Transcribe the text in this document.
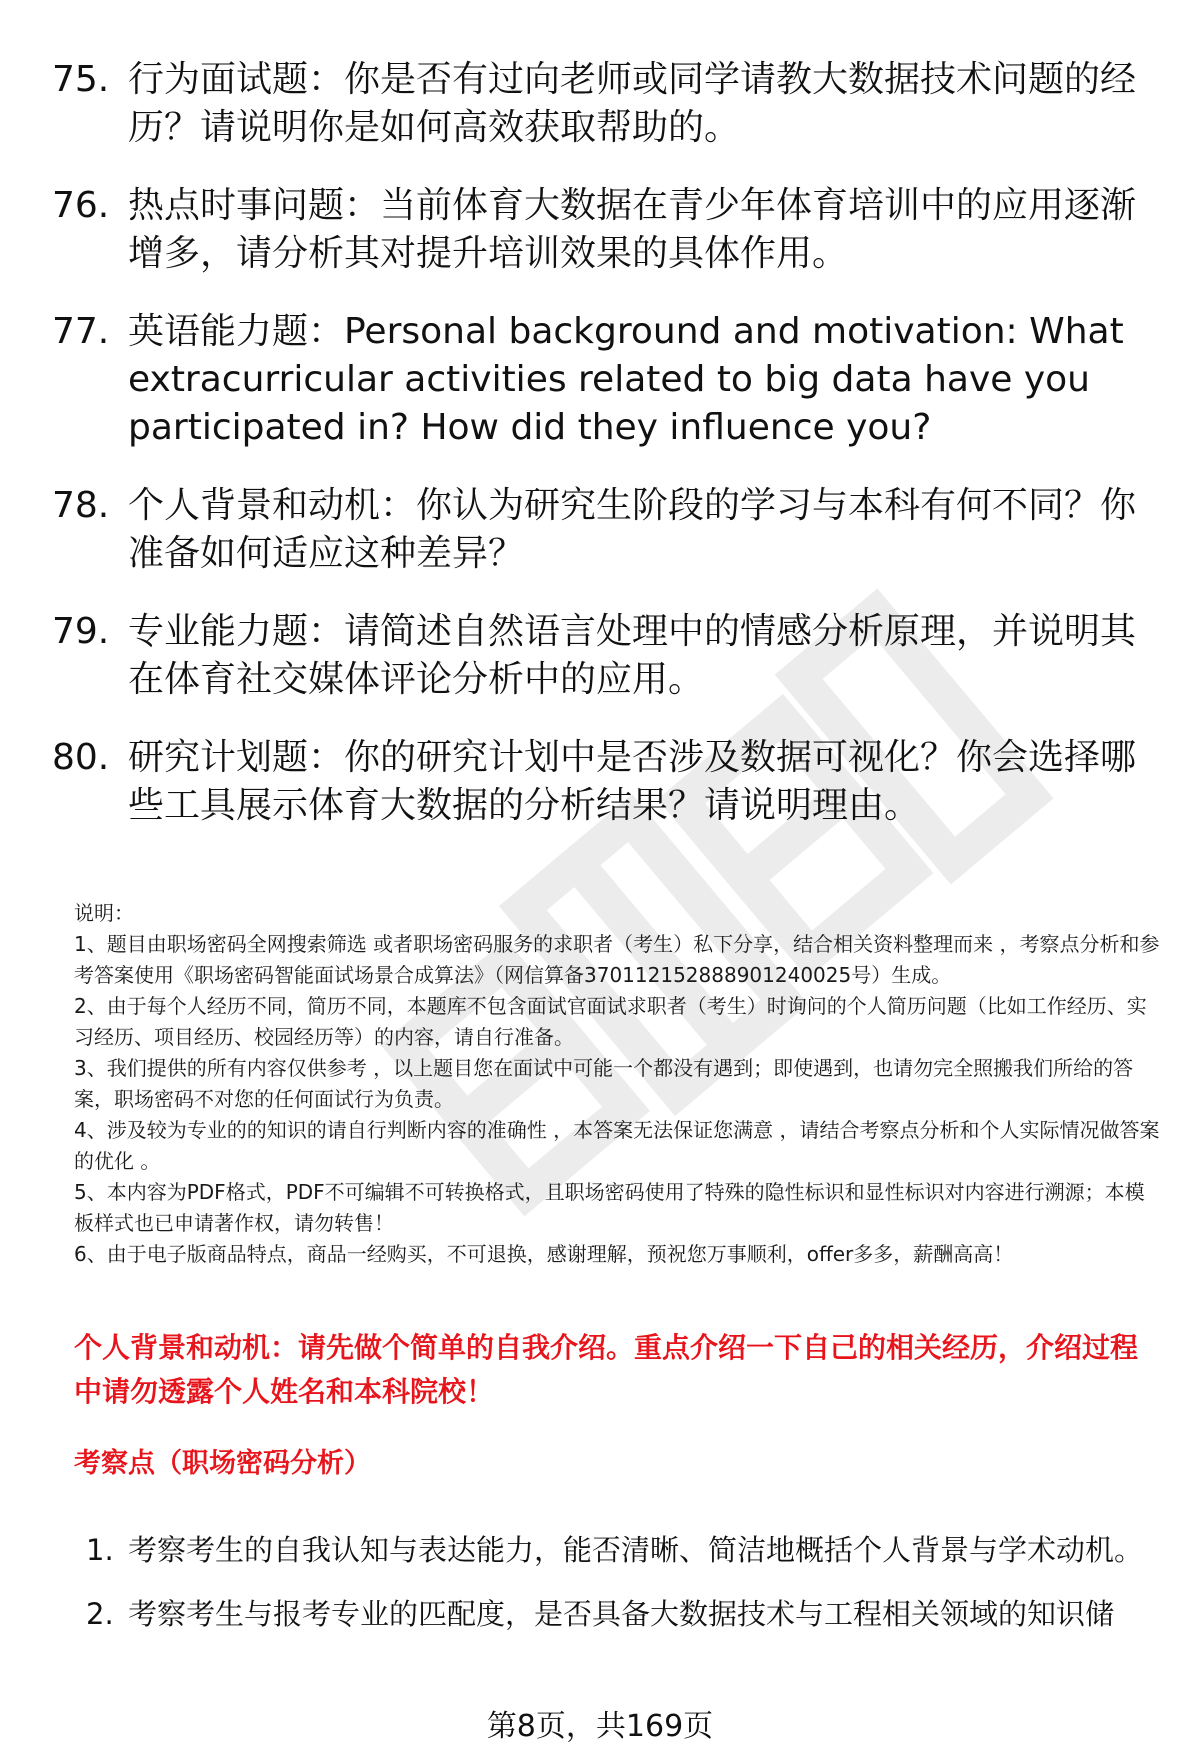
75. 行为面试题：你是否有过向老师或同学请教大数据技术问题的经历？请说明你是如何高效获取帮助的。
76. 热点时事问题：当前体育大数据在青少年体育培训中的应用逐渐增多，请分析其对提升培训效果的具体作用。
77. 英语能力题：Personal background and motivation: What extracurricular activities related to big data have you participated in? How did they influence you?
78. 个人背景和动机：你认为研究生阶段的学习与本科有何不同？你准备如何适应这种差异？
79. 专业能力题：请简述自然语言处理中的情感分析原理，并说明其在体育社交媒体评论分析中的应用。
80. 研究计划题：你的研究计划中是否涉及数据可视化？你会选择哪些工具展示体育大数据的分析结果？请说明理由。

说明：

1、题目由职场密码全网搜索筛选 或者职场密码服务的求职者（考生）私下分享，结合相关资料整理而来 ，考察点分析和参考答案使用《职场密码智能面试场景合成算法》（网信算备370112152888901240025号）生成。

2、由于每个人经历不同，简历不同，本题库不包含面试官面试求职者（考生）时询问的个人简历问题（比如工作经历、实习经历、项目经历、校园经历等）的内容，请自行准备。

3、我们提供的所有内容仅供参考 ，以上题目您在面试中可能一个都没有遇到；即使遇到，也请勿完全照搬我们所给的答案，职场密码不对您的任何面试行为负责。

4、涉及较为专业的的知识的请自行判断内容的准确性 ，本答案无法保证您满意 ，请结合考察点分析和个人实际情况做答案的优化 。

5、本内容为PDF格式，PDF不可编辑不可转换格式，且职场密码使用了特殊的隐性标识和显性标识对内容进行溯源；本模板样式也已申请著作权，请勿转售！

6、由于电子版商品特点，商品一经购买，不可退换，感谢理解，预祝您万事顺利，offer多多，薪酬高高！

个人背景和动机：请先做个简单的自我介绍。重点介绍一下自己的相关经历，介绍过程中请勿透露个人姓名和本科院校！
考察点（职场密码分析）
1. 考察考生的自我认知与表达能力，能否清晰、简洁地概括个人背景与学术动机。
2. 考察考生与报考专业的匹配度，是否具备大数据技术与工程相关领域的知识储
第8页，共169页
